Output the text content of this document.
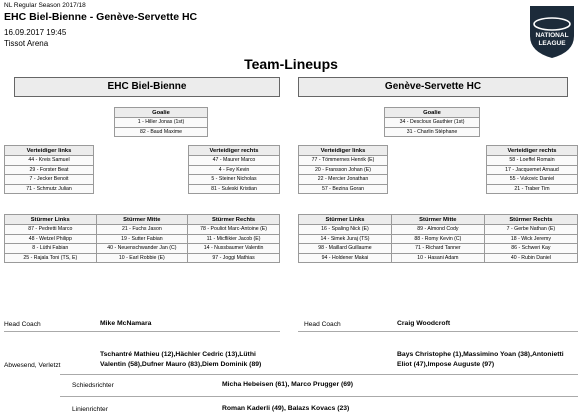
NL Regular Season 2017/18
EHC Biel-Bienne - Genève-Servette HC
16.09.2017 19:45
Tissot Arena
NATIONAL
LEAGUE
Team-Lineups
EHC Biel-Bienne	Genève-Servette HC
Goalie
1 - Hiller Jonas (1st)
82 - Baud Maxime
Goalie
34 - Descloux Gauthier (1st)
31 - Charlin Stéphane
Verteidiger links
44 - Kreis Samuel
29 - Forster Beat
7 - Jecker Benoit
71 - Schmutz Julian
Verteidiger rechts
47 - Maurer Marco
4 - Fey Kevin
5 - Steiner Nicholas
81 - Suleski Kristian
Verteidiger links
77 - Tömmernes Henrik (E)
20 - Fransson Johan (E)
22 - Mercier Jonathan
57 - Bezina Goran
Verteidiger rechts
58 - Loeffel Romain
17 - Jacquemet Arnaud
55 - Vukovic Daniel
21 - Traber Tim
Stürmer Links	Stürmer Mitte	Stürmer Rechts
87 - Pedretti Marco	21 - Fuchs Jason	78 - Pouliot Marc-Antoine (E)
48 - Wetzel Philipp	19 - Sutter Fabian	11 - Micflikier Jacob (E)
8 - Lüthi Fabian	40 - Neuenschwander Jan (C)	14 - Nussbaumer Valentin
25 - Rajala Toni (TS, E)	10 - Earl Robbie (E)	97 - Joggi Mathias
Stürmer Links	Stürmer Mitte	Stürmer Rechts
16 - Spaling Nick (E)	89 - Almond Cody	7 - Gerbe Nathan (E)
14 - Simek Juraj (TS)	88 - Romy Kevin (C)	18 - Wick Jeremy
98 - Maillard Guillaume	71 - Richard Tanner	86 - Schweri Kay
94 - Holdener Makai	10 - Hasani Adam	40 - Rubin Daniel
Head Coach	Mike McNamara	Head Coach	Craig Woodcroft
Abwesend, Verletzt
Tschantré Mathieu (12),Hächler Cedric (13),Lüthi
Valentin (58),Dufner Mauro (83),Diem Dominik (89)
Bays Christophe (1),Massimino Yoan (38),Antonietti
Eliot (47),Impose Auguste (97)
Schiedsrichter	Micha Hebeisen (61), Marco Prugger (69)
Linienrichter	Roman Kaderli (49), Balazs Kovacs (23)
